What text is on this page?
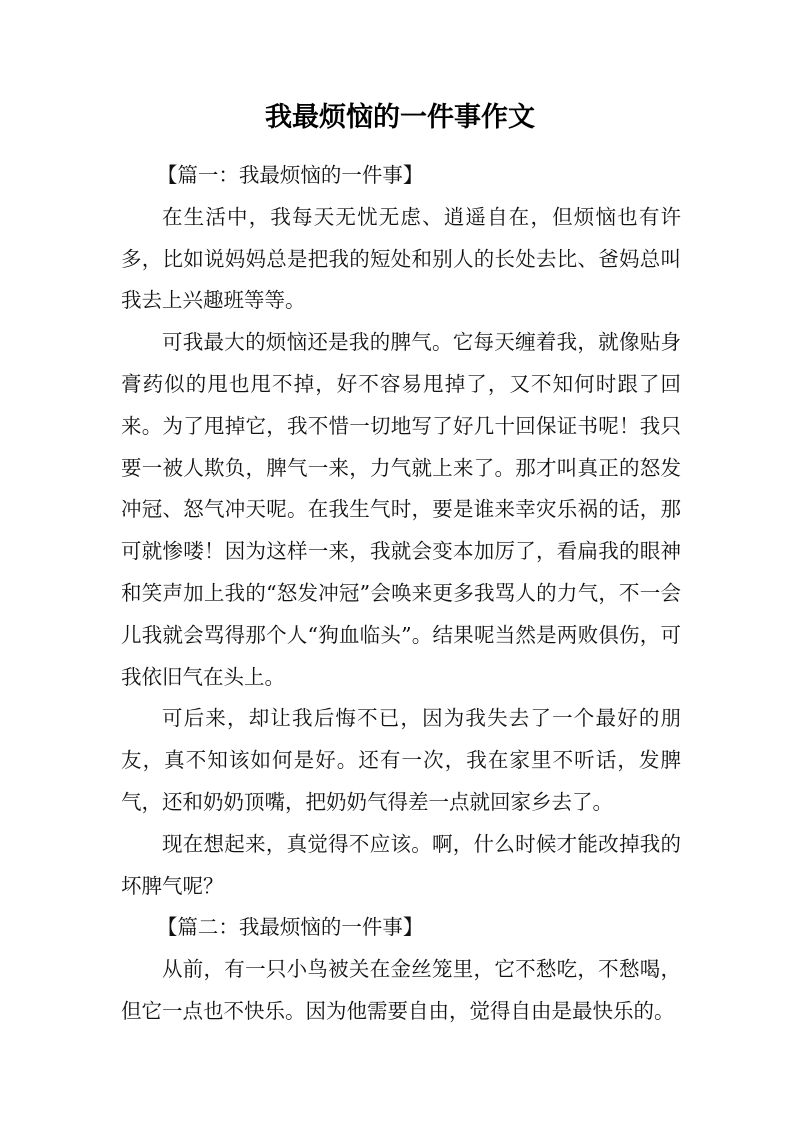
我最烦恼的一件事作文

【篇一：我最烦恼的一件事】

在生活中，我每天无忧无虑、逍遥自在，但烦恼也有许多，比如说妈妈总是把我的短处和别人的长处去比、爸妈总叫我去上兴趣班等等。

可我最大的烦恼还是我的脾气。它每天缠着我，就像贴身膏药似的甩也甩不掉，好不容易甩掉了，又不知何时跟了回来。为了甩掉它，我不惜一切地写了好几十回保证书呢！我只要一被人欺负，脾气一来，力气就上来了。那才叫真正的怒发冲冠、怒气冲天呢。在我生气时，要是谁来幸灾乐祸的话，那可就惨喽！因为这样一来，我就会变本加厉了，看扁我的眼神和笑声加上我的“怒发冲冠”会唤来更多我骂人的力气，不一会儿我就会骂得那个人“狗血临头”。结果呢当然是两败俱伤，可我依旧气在头上。

可后来，却让我后悔不已，因为我失去了一个最好的朋友，真不知该如何是好。还有一次，我在家里不听话，发脾气，还和奶奶顶嘴，把奶奶气得差一点就回家乡去了。

现在想起来，真觉得不应该。啊，什么时候才能改掉我的坏脾气呢？

【篇二：我最烦恼的一件事】

从前，有一只小鸟被关在金丝笼里，它不愁吃，不愁喝，但它一点也不快乐。因为他需要自由，觉得自由是最快乐的。
